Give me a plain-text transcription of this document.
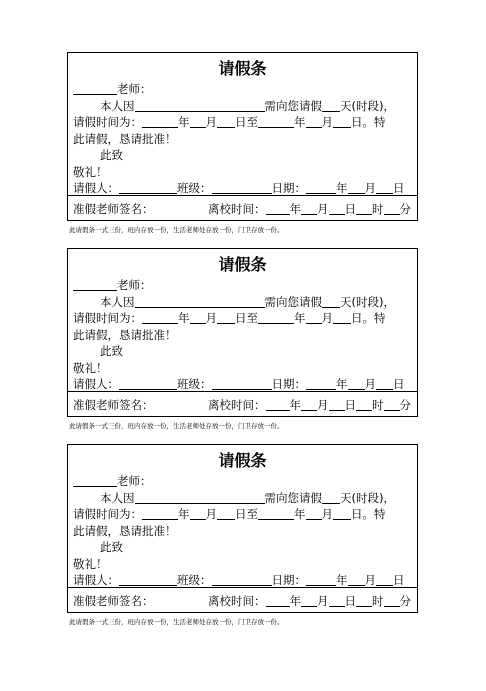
请假条
老师：
本人因	需向您请假 天(时段)，
请假时间为：	年 月 日至	年 月 日。特
此请假，恳请批准！
此致
敬礼！
请假人：	班级：	日期：	年 月 日
准假老师签名：	离校时间： 年 月 日 时 分
此请假条一式三份，班内存放一份，生活老师处存放一份，门卫存放一份。
请假条
老师：
本人因	需向您请假 天(时段)，
请假时间为：	年 月 日至	年 月 日。特
此请假，恳请批准！
此致
敬礼！
请假人：	班级：	日期：	年 月 日
准假老师签名：	离校时间： 年 月 日 时 分
此请假条一式三份，班内存放一份，生活老师处存放一份，门卫存放一份。
请假条
老师：
本人因	需向您请假 天(时段)，
请假时间为：	年 月 日至	年 月 日。特
此请假，恳请批准！
此致
敬礼！
请假人：	班级：	日期：	年 月 日
准假老师签名：	离校时间： 年 月 日 时 分
此请假条一式三份，班内存放一份，生活老师处存放一份，门卫存放一份。
